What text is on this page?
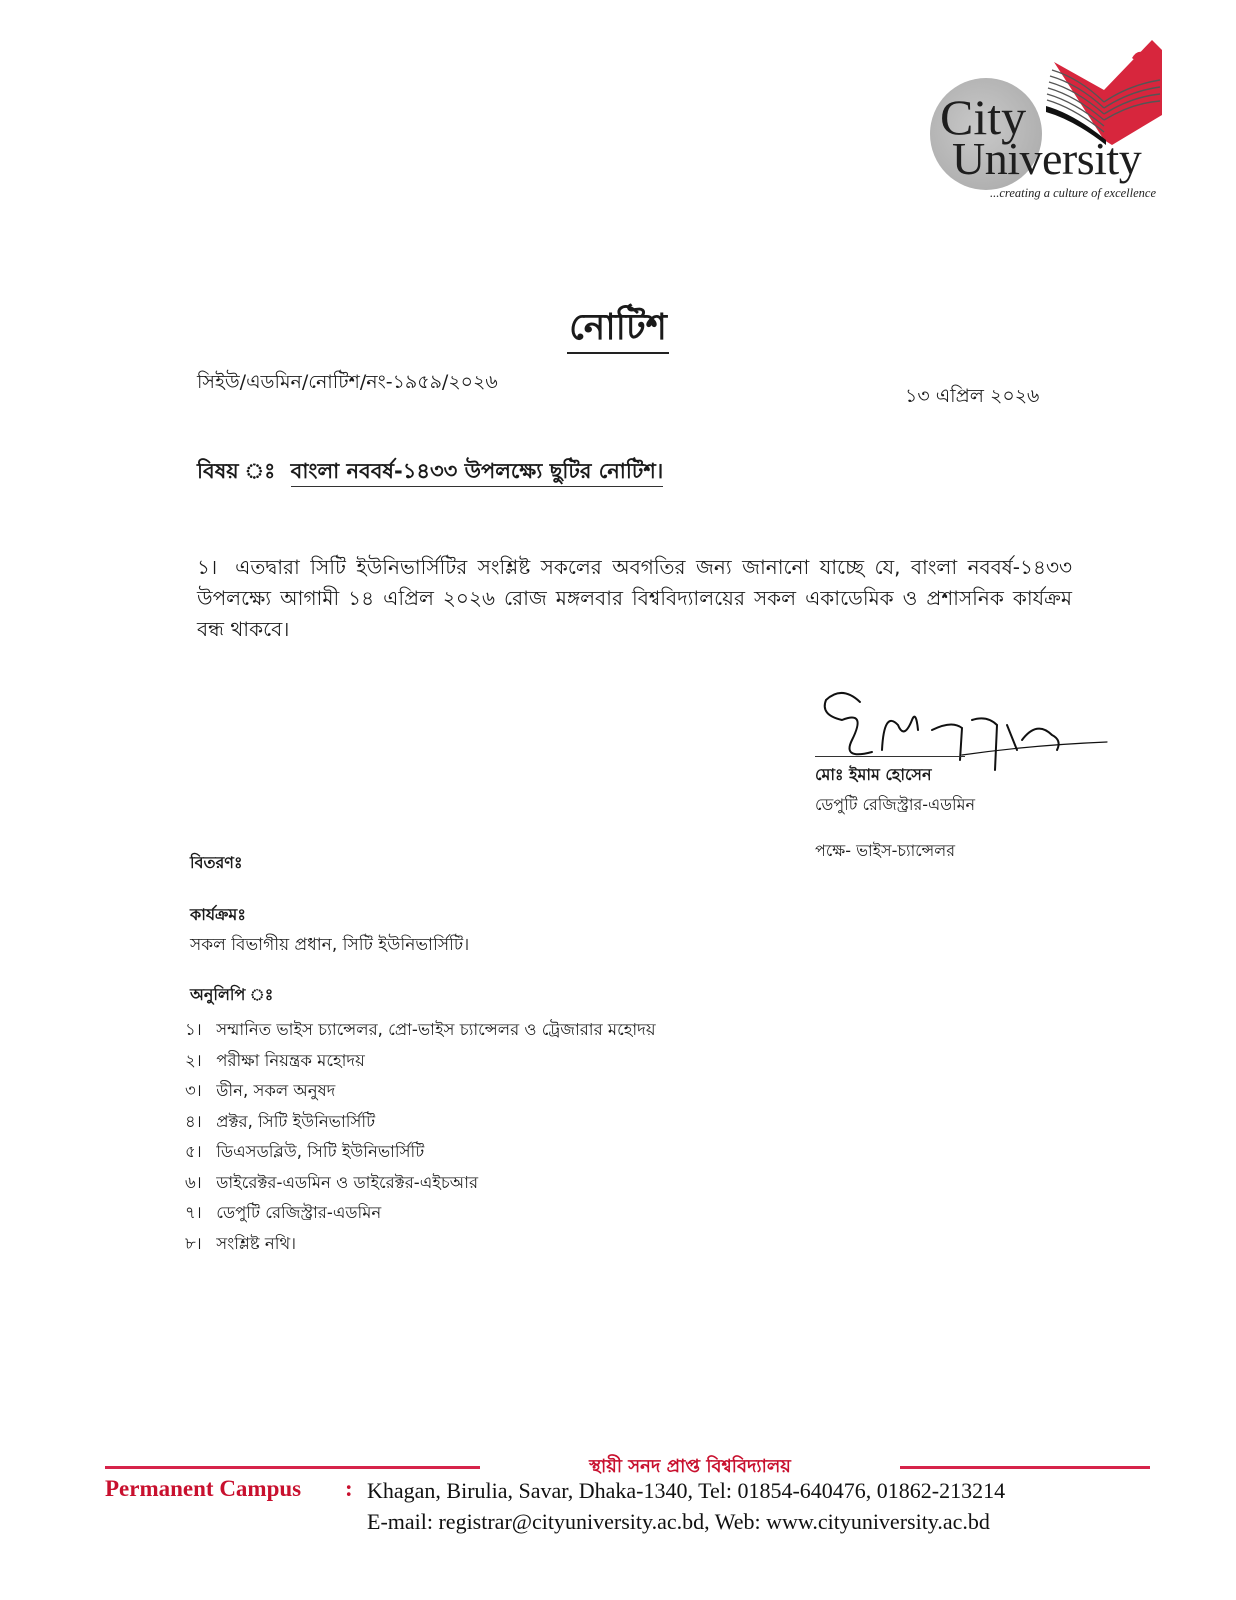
City
University
...creating a culture of excellence
নোটিশ
সিইউ/এডমিন/নোটিশ/নং-১৯৫৯/২০২৬
১৩ এপ্রিল ২০২৬
বিষয় ঃ বাংলা নববর্ষ-১৪৩৩ উপলক্ষ্যে ছুটির নোটিশ।
১। এতদ্বারা সিটি ইউনিভার্সিটির সংশ্লিষ্ট সকলের অবগতির জন্য জানানো যাচ্ছে যে, বাংলা নববর্ষ-১৪৩৩ উপলক্ষ্যে আগামী ১৪ এপ্রিল ২০২৬ রোজ মঙ্গলবার বিশ্ববিদ্যালয়ের সকল একাডেমিক ও প্রশাসনিক কার্যক্রম বন্ধ থাকবে।
মোঃ ইমাম হোসেন
ডেপুটি রেজিস্ট্রার-এডমিন
পক্ষে- ভাইস-চ্যান্সেলর
বিতরণঃ
কার্যক্রমঃ
সকল বিভাগীয় প্রধান, সিটি ইউনিভার্সিটি।
অনুলিপি ঃ
১। সম্মানিত ভাইস চ্যান্সেলর, প্রো-ভাইস চ্যান্সেলর ও ট্রেজারার মহোদয়
২। পরীক্ষা নিয়ন্ত্রক মহোদয়
৩। ডীন, সকল অনুষদ
৪। প্রক্টর, সিটি ইউনিভার্সিটি
৫। ডিএসডব্লিউ, সিটি ইউনিভার্সিটি
৬। ডাইরেক্টর-এডমিন ও ডাইরেক্টর-এইচআর
৭। ডেপুটি রেজিস্ট্রার-এডমিন
৮। সংশ্লিষ্ট নথি।
স্থায়ী সনদ প্রাপ্ত বিশ্ববিদ্যালয়
Permanent Campus : Khagan, Birulia, Savar, Dhaka-1340, Tel: 01854-640476, 01862-213214
E-mail: registrar@cityuniversity.ac.bd, Web: www.cityuniversity.ac.bd
